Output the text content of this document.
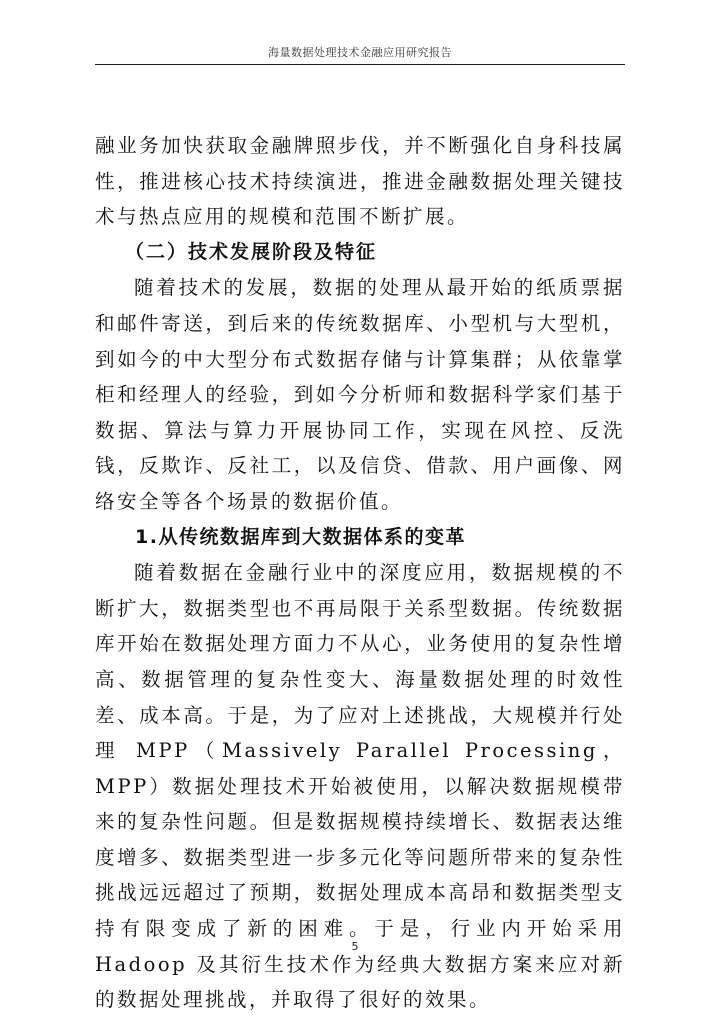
海量数据处理技术金融应用研究报告

融业务加快获取金融牌照步伐，并不断强化自身科技属性，推进核心技术持续演进，推进金融数据处理关键技术与热点应用的规模和范围不断扩展。

（二）技术发展阶段及特征

随着技术的发展，数据的处理从最开始的纸质票据和邮件寄送，到后来的传统数据库、小型机与大型机，到如今的中大型分布式数据存储与计算集群；从依靠掌柜和经理人的经验，到如今分析师和数据科学家们基于数据、算法与算力开展协同工作，实现在风控、反洗钱，反欺诈、反社工，以及信贷、借款、用户画像、网络安全等各个场景的数据价值。

1.从传统数据库到大数据体系的变革

随着数据在金融行业中的深度应用，数据规模的不断扩大，数据类型也不再局限于关系型数据。传统数据库开始在数据处理方面力不从心，业务使用的复杂性增高、数据管理的复杂性变大、海量数据处理的时效性差、成本高。于是，为了应对上述挑战，大规模并行处理 MPP（Massively Parallel Processing，MPP）数据处理技术开始被使用，以解决数据规模带来的复杂性问题。但是数据规模持续增长、数据表达维度增多、数据类型进一步多元化等问题所带来的复杂性挑战远远超过了预期，数据处理成本高昂和数据类型支持有限变成了新的困难。于是，行业内开始采用 Hadoop 及其衍生技术作为经典大数据方案来应对新的数据处理挑战，并取得了很好的效果。

5
